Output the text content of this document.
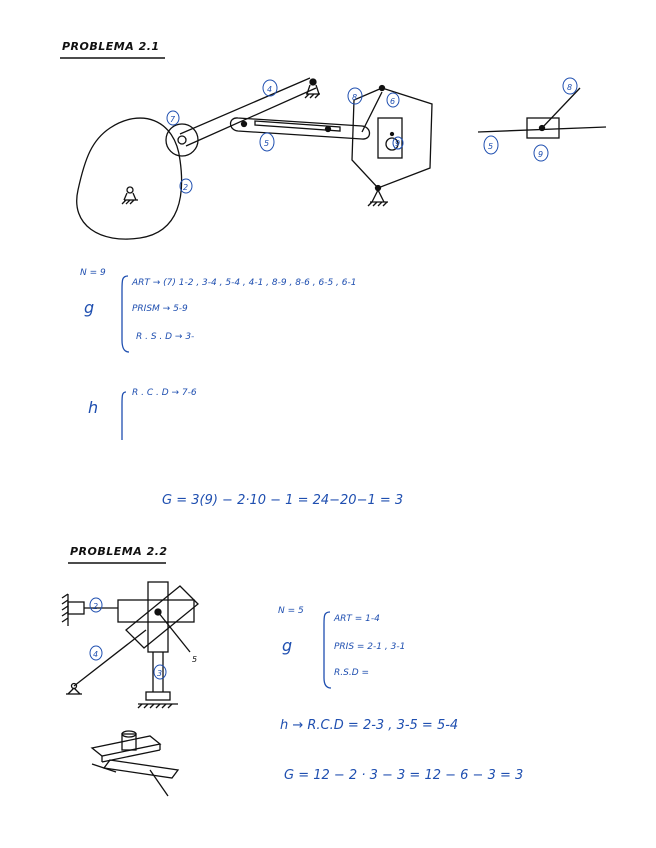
PROBLEMA 2.1
4
8	6
7
5	9
2
5
8
9
2
4
3
5
N = 9
g
ART → (7) 1-2 , 3-4 , 5-4 , 4-1 , 8-9 , 8-6 , 6-5 , 6-1
PRISM → 5-9
R . S . D → 3-
h
R . C . D → 7-6
G = 3(9) − 2·10 − 1 = 24−20−1 = 3
PROBLEMA 2.2
N = 5
g
ART = 1-4
PRIS = 2-1 , 3-1
R.S.D =
h → R.C.D = 2-3 , 3-5 = 5-4
G = 12 − 2 · 3 − 3 = 12 − 6 − 3 = 3
